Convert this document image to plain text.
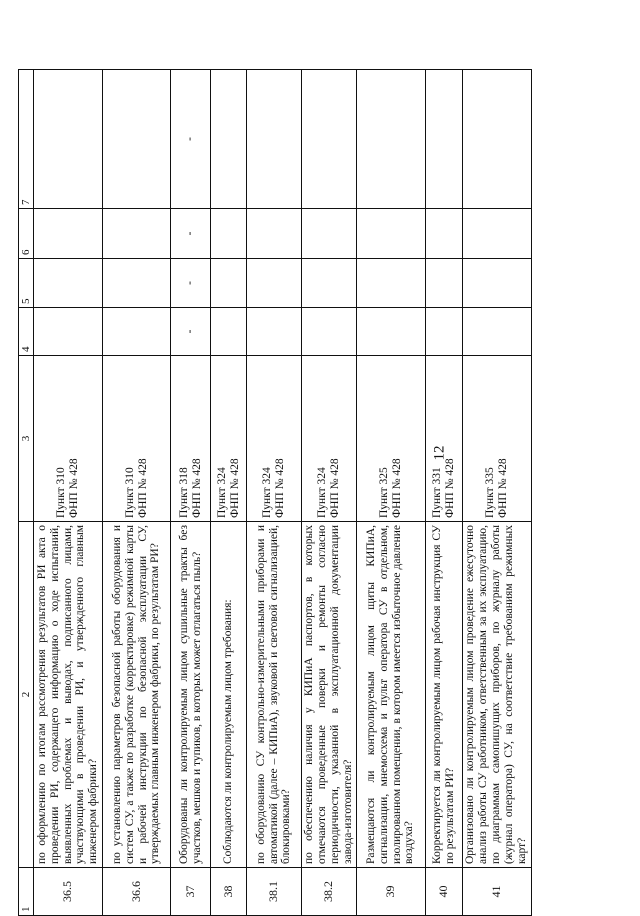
12
1	2	3	4	5	6	7
36.5	по оформлению по итогам рассмотрения результатов РИ акта о проведении РИ, содержащего информацию о ходе испытаний, выявленных проблемах и выводах, подписанного лицами, участвующими в проведении РИ, и утвержденного главным инженером фабрики?	Пункт 310
ФНП № 428				
36.6	по установлению параметров безопасной работы оборудования и систем СУ, а также по разработке (корректировке) режимной карты и рабочей инструкции по безопасной эксплуатации СУ, утверждаемых главным инженером фабрики, по результатам РИ?	Пункт 310
ФНП № 428				
37	Оборудованы ли контролируемым лицом сушильные тракты без участков, мешков и тупиков, в которых может отлагаться пыль?	Пункт 318
ФНП № 428	-	-	-	-
38	Соблюдаются ли контролируемым лицом требования:	Пункт 324
ФНП № 428				
38.1	по оборудованию СУ контрольно-измерительными приборами и автоматикой (далее – КИПиА), звуковой и световой сигнализацией, блокировками?	Пункт 324
ФНП № 428				
38.2	по обеспечению наличия у КИПиА паспортов, в которых отмечаются проведенные поверки и ремонты согласно периодичности, указанной в эксплуатационной документации завода-изготовителя?	Пункт 324
ФНП № 428				
39	Размещаются ли контролируемым лицом щиты КИПиА, сигнализации, мнемосхема и пульт оператора СУ в отдельном, изолированном помещении, в котором имеется избыточное давление воздуха?	Пункт 325
ФНП № 428				
40	Корректируется ли контролируемым лицом рабочая инструкция СУ по результатам РИ?	Пункт 331
ФНП № 428				
41	Организовано ли контролируемым лицом проведение ежесуточно анализ работы СУ работником, ответственным за их эксплуатацию, по диаграммам самопишущих приборов, по журналу работы (журнал оператора) СУ, на соответствие требованиям режимных карт?	Пункт 335
ФНП № 428				
